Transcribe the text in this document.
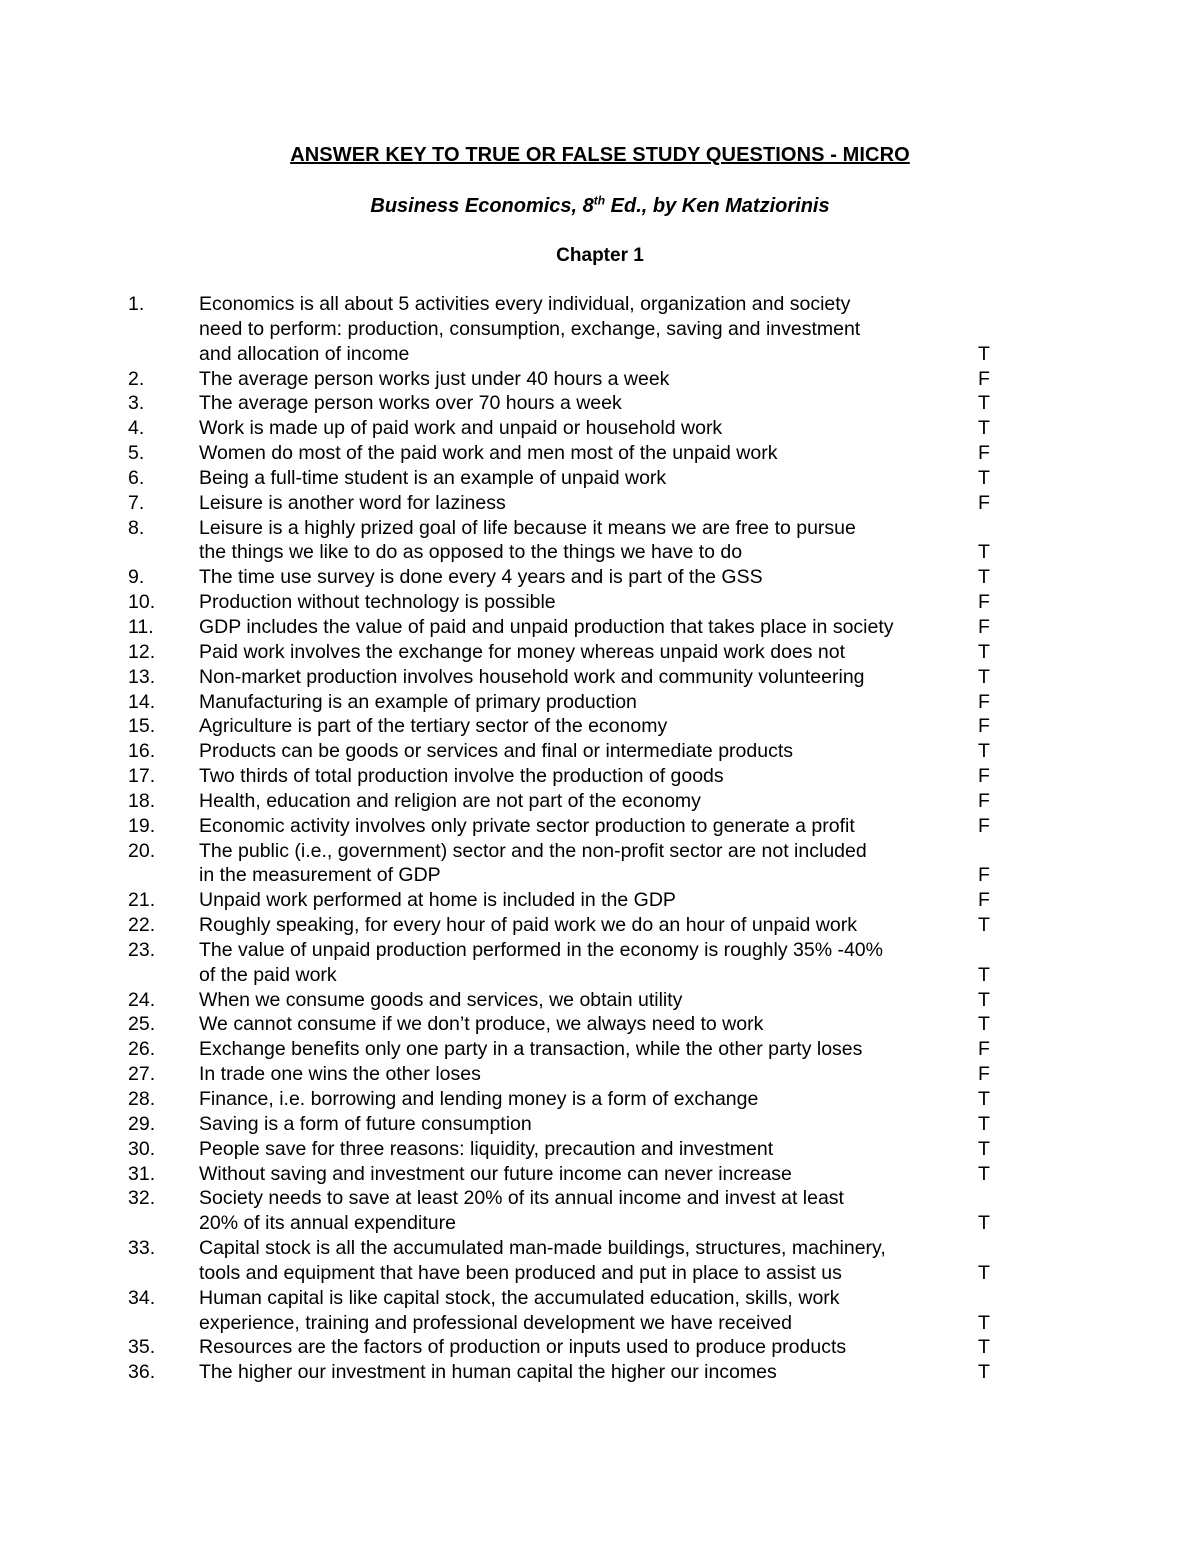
ANSWER KEY TO TRUE OR FALSE STUDY QUESTIONS - MICRO
Business Economics, 8th Ed., by Ken Matziorinis
Chapter 1
1.	Economics is all about 5 activities every individual, organization and society
need to perform: production, consumption, exchange, saving and investment
and allocation of income	T
2.	The average person works just under 40 hours a week	F
3.	The average person works over 70 hours a week	T
4.	Work is made up of paid work and unpaid or household work	T
5.	Women do most of the paid work and men most of the unpaid work	F
6.	Being a full-time student is an example of unpaid work	T
7.	Leisure is another word for laziness	F
8.	Leisure is a highly prized goal of life because it means we are free to pursue
the things we like to do as opposed to the things we have to do	T
9.	The time use survey is done every 4 years and is part of the GSS	T
10. Production without technology is possible	F
11. GDP includes the value of paid and unpaid production that takes place in society	F
12. Paid work involves the exchange for money whereas unpaid work does not	T
13. Non-market production involves household work and community volunteering	T
14. Manufacturing is an example of primary production	F
15. Agriculture is part of the tertiary sector of the economy	F
16. Products can be goods or services and final or intermediate products	T
17. Two thirds of total production involve the production of goods	F
18. Health, education and religion are not part of the economy	F
19. Economic activity involves only private sector production to generate a profit	F
20. The public (i.e., government) sector and the non-profit sector are not included
in the measurement of GDP	F
21. Unpaid work performed at home is included in the GDP	F
22. Roughly speaking, for every hour of paid work we do an hour of unpaid work	T
23. The value of unpaid production performed in the economy is roughly 35% -40%
of the paid work	T
24. When we consume goods and services, we obtain utility	T
25. We cannot consume if we don’t produce, we always need to work	T
26. Exchange benefits only one party in a transaction, while the other party loses	F
27. In trade one wins the other loses	F
28. Finance, i.e. borrowing and lending money is a form of exchange	T
29. Saving is a form of future consumption	T
30. People save for three reasons: liquidity, precaution and investment	T
31. Without saving and investment our future income can never increase	T
32. Society needs to save at least 20% of its annual income and invest at least
20% of its annual expenditure	T
33. Capital stock is all the accumulated man-made buildings, structures, machinery,
tools and equipment that have been produced and put in place to assist us	T
34. Human capital is like capital stock, the accumulated education, skills, work
experience, training and professional development we have received	T
35. Resources are the factors of production or inputs used to produce products	T
36. The higher our investment in human capital the higher our incomes	T
